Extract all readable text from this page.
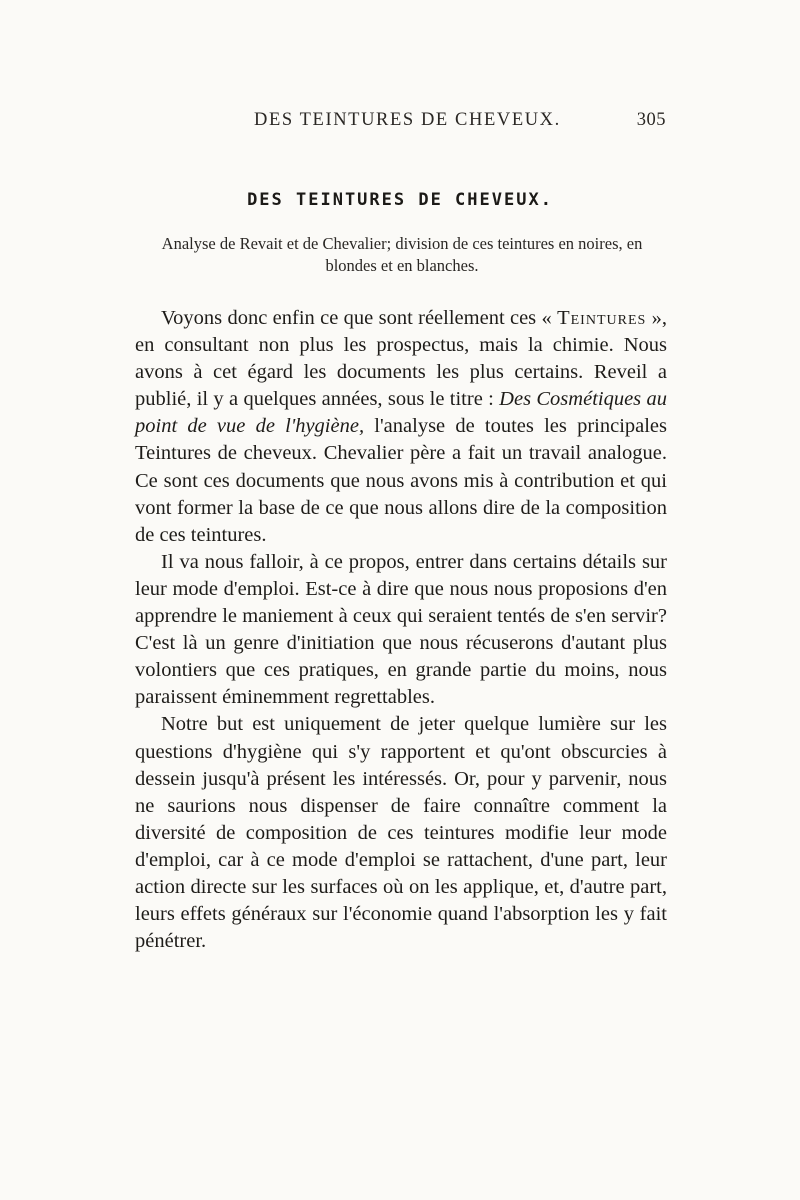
DES TEINTURES DE CHEVEUX.	305
DES TEINTURES DE CHEVEUX.
Analyse de Revait et de Chevalier; division de ces teintures en noires, en blondes et en blanches.

Voyons donc enfin ce que sont réellement ces « Teintures », en consultant non plus les prospectus, mais la chimie. Nous avons à cet égard les documents les plus certains. Reveil a publié, il y a quelques années, sous le titre : Des Cosmétiques au point de vue de l'hygiène, l'analyse de toutes les principales Teintures de cheveux. Chevalier père a fait un travail analogue. Ce sont ces documents que nous avons mis à contribution et qui vont former la base de ce que nous allons dire de la composition de ces teintures.

Il va nous falloir, à ce propos, entrer dans certains détails sur leur mode d'emploi. Est-ce à dire que nous nous proposions d'en apprendre le maniement à ceux qui seraient tentés de s'en servir? C'est là un genre d'initiation que nous récuserons d'autant plus volontiers que ces pratiques, en grande partie du moins, nous paraissent éminemment regrettables.

Notre but est uniquement de jeter quelque lumière sur les questions d'hygiène qui s'y rapportent et qu'ont obscurcies à dessein jusqu'à présent les intéressés. Or, pour y parvenir, nous ne saurions nous dispenser de faire connaître comment la diversité de composition de ces teintures modifie leur mode d'emploi, car à ce mode d'emploi se rattachent, d'une part, leur action directe sur les surfaces où on les applique, et, d'autre part, leurs effets généraux sur l'économie quand l'absorption les y fait pénétrer.
